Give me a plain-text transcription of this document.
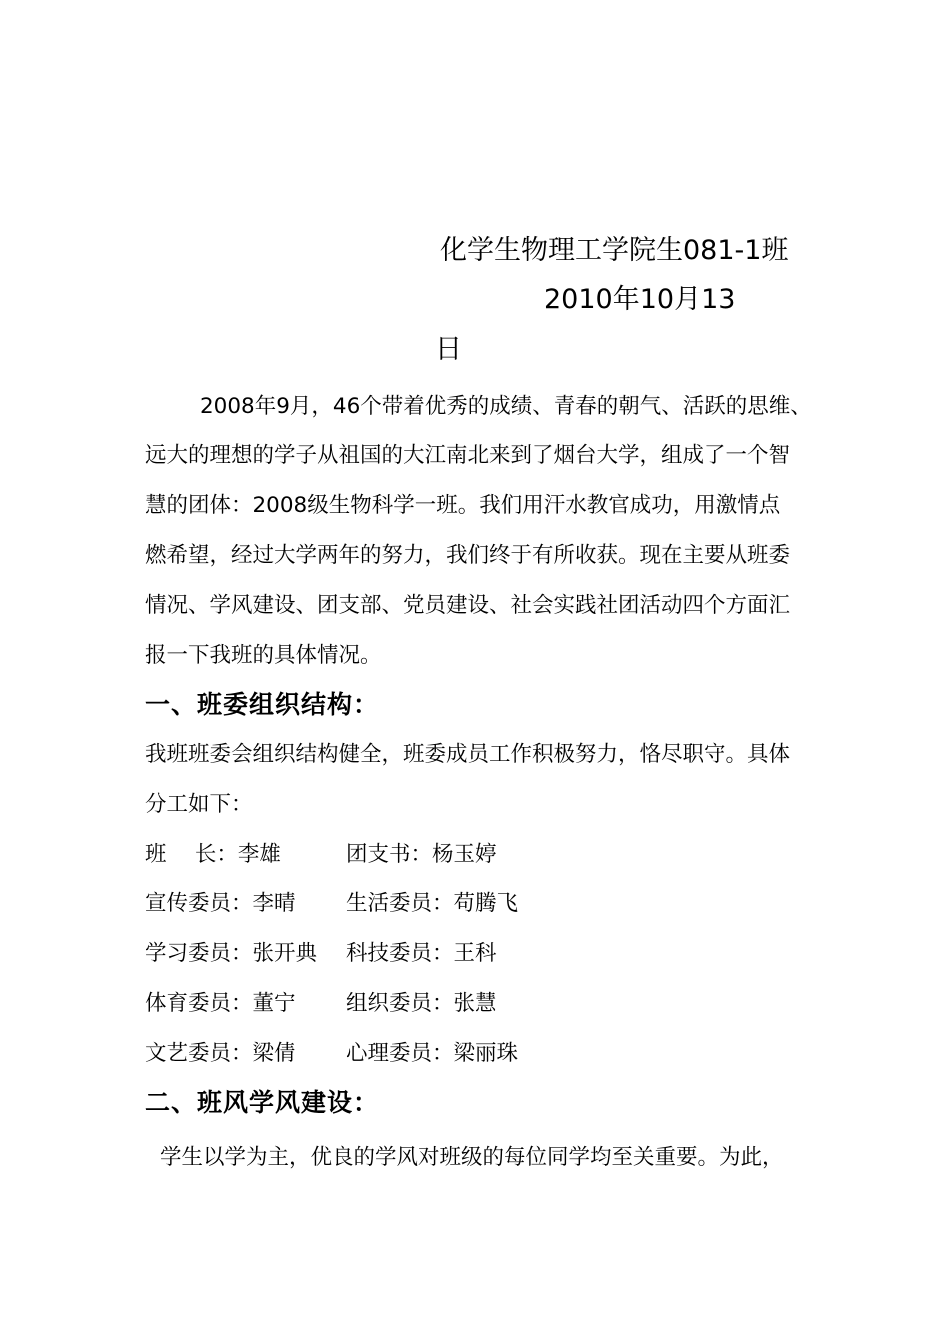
化学生物理工学院生081-1班
2010年10月13
日
2008年9月，46个带着优秀的成绩、青春的朝气、活跃的思维、
远大的理想的学子从祖国的大江南北来到了烟台大学，组成了一个智
慧的团体：2008级生物科学一班。我们用汗水教官成功，用激情点
燃希望，经过大学两年的努力，我们终于有所收获。现在主要从班委
情况、学风建设、团支部、党员建设、社会实践社团活动四个方面汇
报一下我班的具体情况。
一、班委组织结构：
我班班委会组织结构健全，班委成员工作积极努力，恪尽职守。具体
分工如下：
班　 长：李雄	团支书：杨玉婷
宣传委员：李晴 生活委员：苟腾飞
学习委员：张开典 科技委员：王科
体育委员：董宁 组织委员：张慧
文艺委员：梁倩 心理委员：梁丽珠
二、班风学风建设：
学生以学为主，优良的学风对班级的每位同学均至关重要。为此，
